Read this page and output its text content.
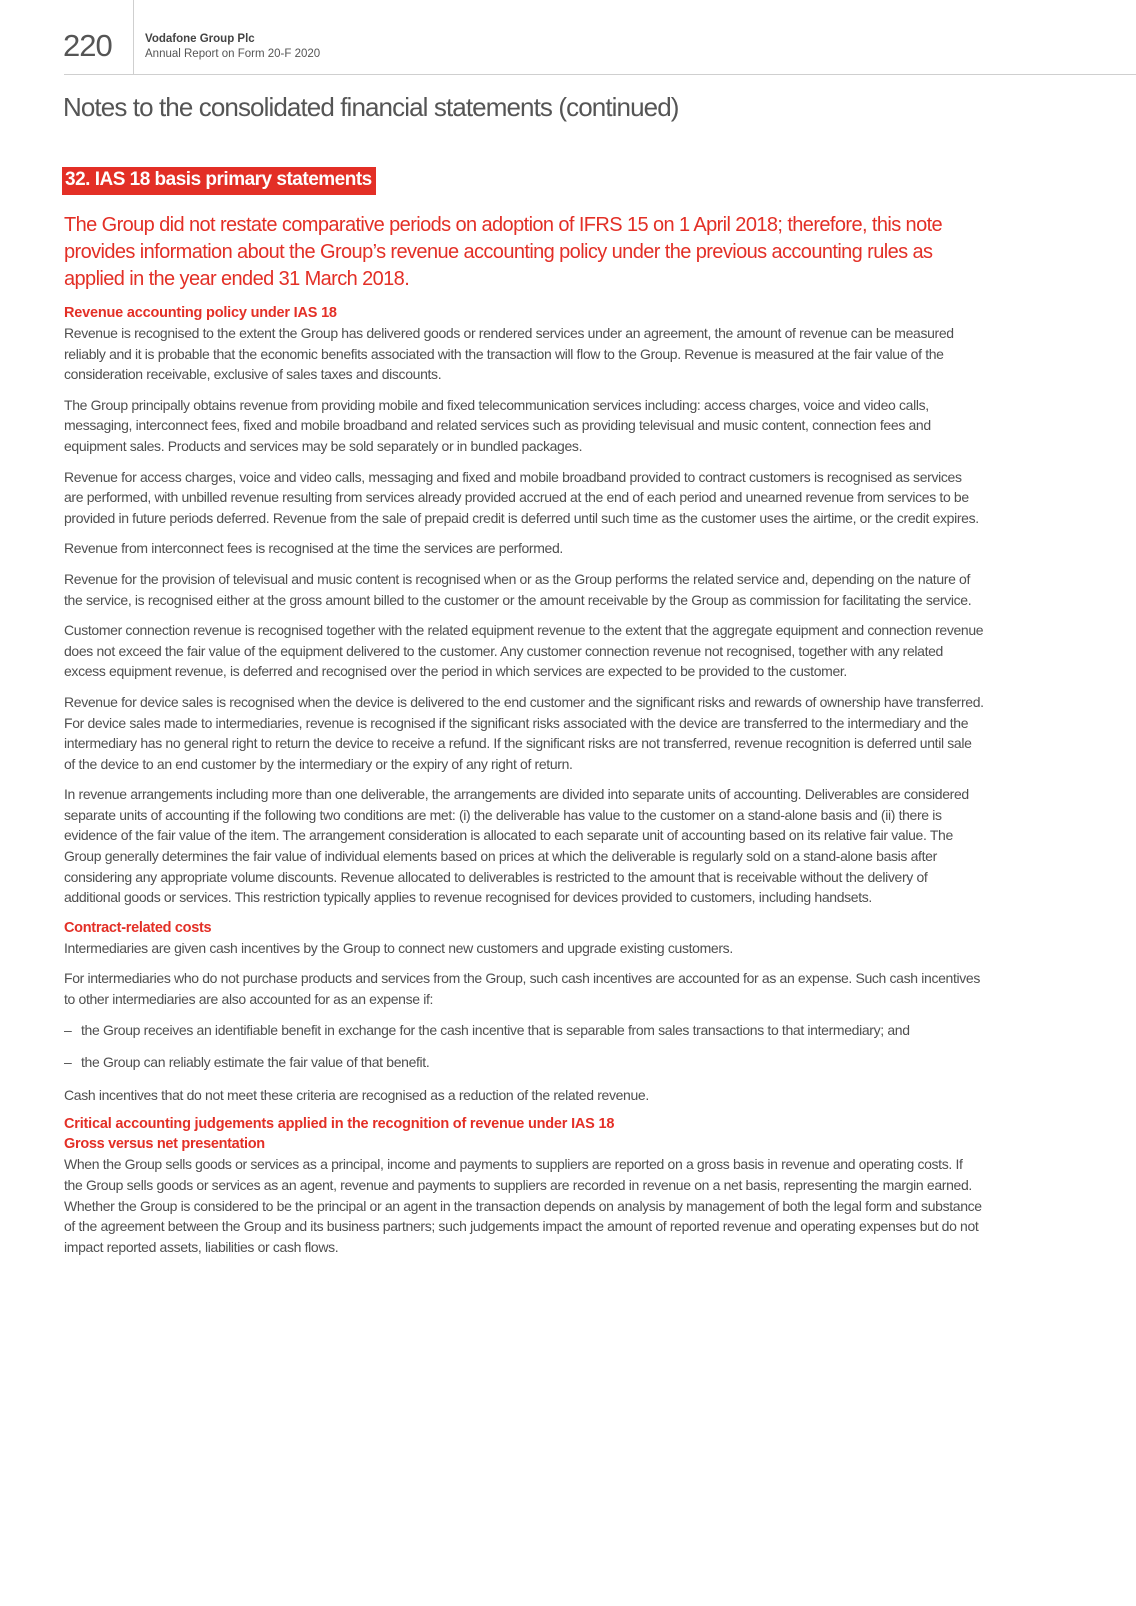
220	Vodafone Group Plc
Annual Report on Form 20-F 2020
Notes to the consolidated financial statements (continued)
32. IAS 18 basis primary statements

The Group did not restate comparative periods on adoption of IFRS 15 on 1 April 2018; therefore, this note provides information about the Group’s revenue accounting policy under the previous accounting rules as applied in the year ended 31 March 2018.

Revenue accounting policy under IAS 18

Revenue is recognised to the extent the Group has delivered goods or rendered services under an agreement, the amount of revenue can be measured reliably and it is probable that the economic benefits associated with the transaction will flow to the Group. Revenue is measured at the fair value of the consideration receivable, exclusive of sales taxes and discounts.

The Group principally obtains revenue from providing mobile and fixed telecommunication services including: access charges, voice and video calls, messaging, interconnect fees, fixed and mobile broadband and related services such as providing televisual and music content, connection fees and equipment sales. Products and services may be sold separately or in bundled packages.

Revenue for access charges, voice and video calls, messaging and fixed and mobile broadband provided to contract customers is recognised as services are performed, with unbilled revenue resulting from services already provided accrued at the end of each period and unearned revenue from services to be provided in future periods deferred. Revenue from the sale of prepaid credit is deferred until such time as the customer uses the airtime, or the credit expires.

Revenue from interconnect fees is recognised at the time the services are performed.

Revenue for the provision of televisual and music content is recognised when or as the Group performs the related service and, depending on the nature of the service, is recognised either at the gross amount billed to the customer or the amount receivable by the Group as commission for facilitating the service.

Customer connection revenue is recognised together with the related equipment revenue to the extent that the aggregate equipment and connection revenue does not exceed the fair value of the equipment delivered to the customer. Any customer connection revenue not recognised, together with any related excess equipment revenue, is deferred and recognised over the period in which services are expected to be provided to the customer.

Revenue for device sales is recognised when the device is delivered to the end customer and the significant risks and rewards of ownership have transferred. For device sales made to intermediaries, revenue is recognised if the significant risks associated with the device are transferred to the intermediary and the intermediary has no general right to return the device to receive a refund. If the significant risks are not transferred, revenue recognition is deferred until sale of the device to an end customer by the intermediary or the expiry of any right of return.

In revenue arrangements including more than one deliverable, the arrangements are divided into separate units of accounting. Deliverables are considered separate units of accounting if the following two conditions are met: (i) the deliverable has value to the customer on a stand-alone basis and (ii) there is evidence of the fair value of the item. The arrangement consideration is allocated to each separate unit of accounting based on its relative fair value. The Group generally determines the fair value of individual elements based on prices at which the deliverable is regularly sold on a stand-alone basis after considering any appropriate volume discounts. Revenue allocated to deliverables is restricted to the amount that is receivable without the delivery of additional goods or services. This restriction typically applies to revenue recognised for devices provided to customers, including handsets.

Contract-related costs

Intermediaries are given cash incentives by the Group to connect new customers and upgrade existing customers.

For intermediaries who do not purchase products and services from the Group, such cash incentives are accounted for as an expense. Such cash incentives to other intermediaries are also accounted for as an expense if:

– the Group receives an identifiable benefit in exchange for the cash incentive that is separable from sales transactions to that intermediary; and
– the Group can reliably estimate the fair value of that benefit.

Cash incentives that do not meet these criteria are recognised as a reduction of the related revenue.

Critical accounting judgements applied in the recognition of revenue under IAS 18
Gross versus net presentation

When the Group sells goods or services as a principal, income and payments to suppliers are reported on a gross basis in revenue and operating costs. If the Group sells goods or services as an agent, revenue and payments to suppliers are recorded in revenue on a net basis, representing the margin earned. Whether the Group is considered to be the principal or an agent in the transaction depends on analysis by management of both the legal form and substance of the agreement between the Group and its business partners; such judgements impact the amount of reported revenue and operating expenses but do not impact reported assets, liabilities or cash flows.
